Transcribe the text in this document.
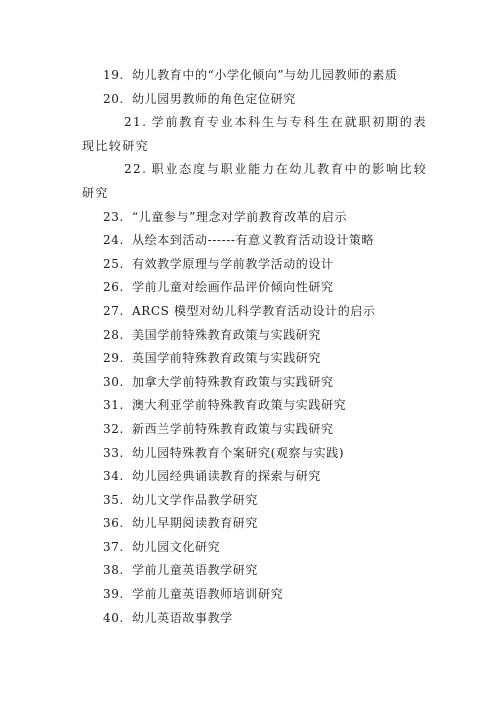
19. 幼儿教育中的“小学化倾向”与幼儿园教师的素质
20. 幼儿园男教师的角色定位研究
21. 学前教育专业本科生与专科生在就职初期的表现比较研究
22. 职业态度与职业能力在幼儿教育中的影响比较研究
23. “儿童参与”理念对学前教育改革的启示
24. 从绘本到活动------有意义教育活动设计策略
25. 有效教学原理与学前教学活动的设计
26. 学前儿童对绘画作品评价倾向性研究
27. ARCS 模型对幼儿科学教育活动设计的启示
28. 美国学前特殊教育政策与实践研究
29. 英国学前特殊教育政策与实践研究
30. 加拿大学前特殊教育政策与实践研究
31. 澳大利亚学前特殊教育政策与实践研究
32. 新西兰学前特殊教育政策与实践研究
33. 幼儿园特殊教育个案研究(观察与实践)
34. 幼儿园经典诵读教育的探索与研究
35. 幼儿文学作品教学研究
36. 幼儿早期阅读教育研究
37. 幼儿园文化研究
38. 学前儿童英语教学研究
39. 学前儿童英语教师培训研究
40. 幼儿英语故事教学
